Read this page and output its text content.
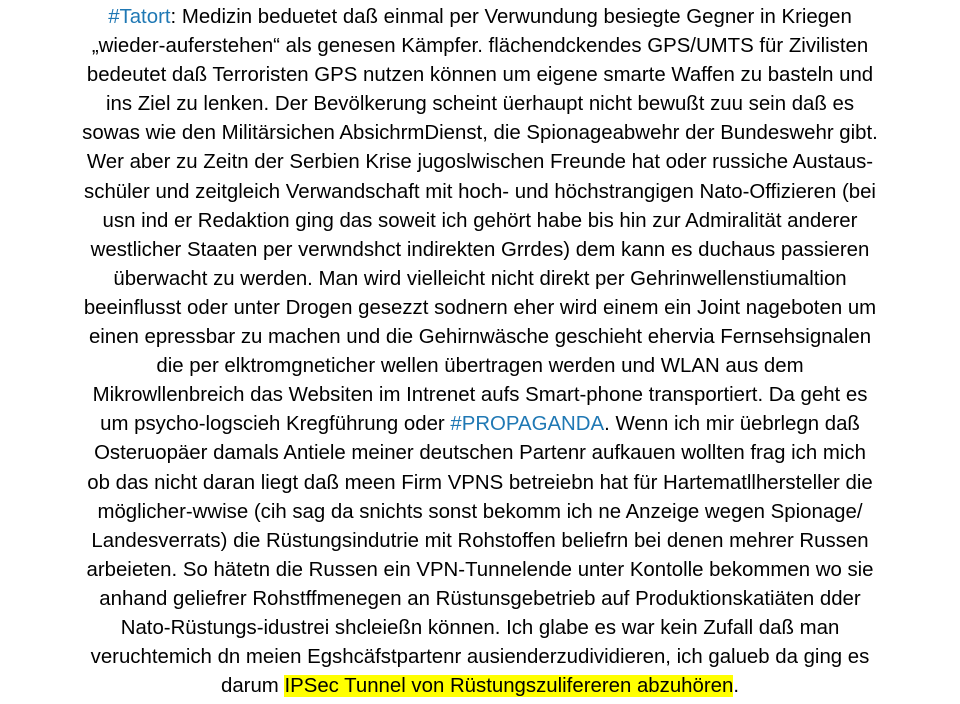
#Tatort: Medizin beduetet daß einmal per Verwundung besiegte Gegner in Kriegen
„wieder-auferstehen“ als genesen Kämpfer. flächendckendes GPS/UMTS für Zivilisten
bedeutet daß Terroristen GPS nutzen können um eigene smarte Waffen zu basteln und
ins Ziel zu lenken. Der Bevölkerung scheint üerhaupt nicht bewußt zuu sein daß es
sowas wie den Militärsichen AbsichrmDienst, die Spionageabwehr der Bundeswehr gibt.
Wer aber zu Zeitn der Serbien Krise jugoslwischen Freunde hat oder russiche Austaus-
schüler und zeitgleich Verwandschaft mit hoch- und höchstrangigen Nato-Offizieren (bei
usn ind er Redaktion ging das soweit ich gehört habe bis hin zur Admiralität anderer
westlicher Staaten per verwndshct indirekten Grrdes) dem kann es duchaus passieren
überwacht zu werden. Man wird vielleicht nicht direkt per Gehrinwellenstiumaltion
beeinflusst oder unter Drogen gesezzt sodnern eher wird einem ein Joint nageboten um
einen epressbar zu machen und die Gehirnwäsche geschieht ehervia Fernsehsignalen
die per elktromgneticher wellen übertragen werden und WLAN aus dem
Mikrowllenbreich das Websiten im Intrenet aufs Smart-phone transportiert. Da geht es
um psycho-logscieh Kregführung oder #PROPAGANDA. Wenn ich mir üebrlegn daß
Osteruopäer damals Antiele meiner deutschen Partenr aufkauen wollten frag ich mich
ob das nicht daran liegt daß meen Firm VPNS betreiebn hat für Hartematllhersteller die
möglicher-wwise (cih sag da snichts sonst bekomm ich ne Anzeige wegen Spionage/
Landesverrats) die Rüstungsindutrie mit Rohstoffen beliefrn bei denen mehrer Russen
arbeieten. So hätetn die Russen ein VPN-Tunnelende unter Kontolle bekommen wo sie
anhand geliefrer Rohstffmenegen an Rüstunsgebetrieb auf Produktionskatiäten dder
Nato-Rüstungs-idustrei shcleießn können. Ich glabe es war kein Zufall daß man
veruchtemich dn meien Egshcäfstpartenr ausienderzudividieren, ich galueb da ging es
darum IPSec Tunnel von Rüstungszulifereren abzuhören.
